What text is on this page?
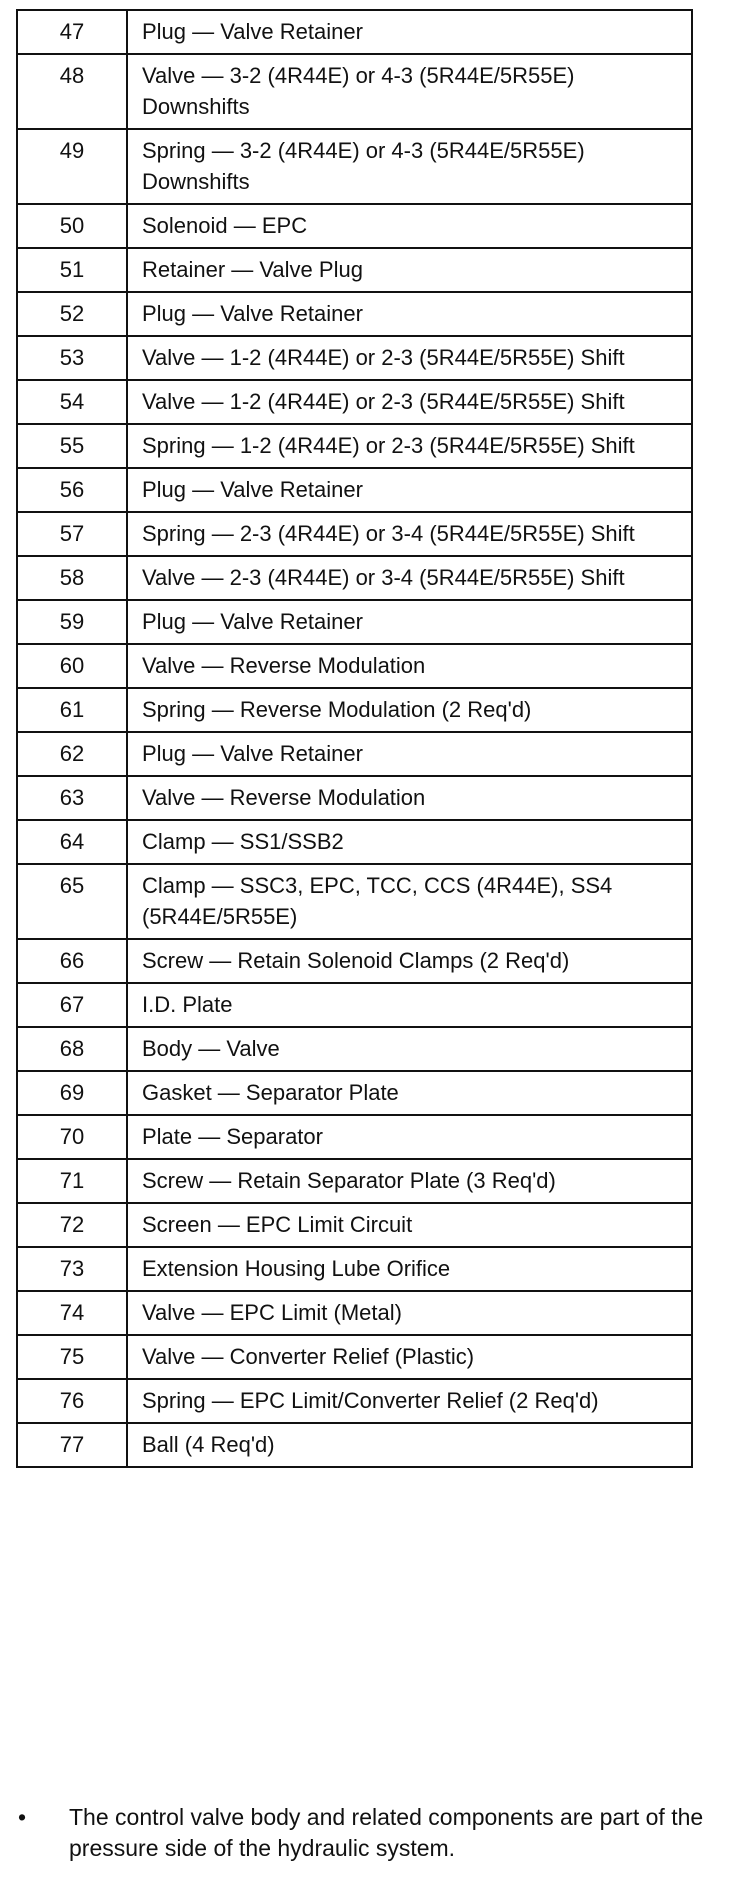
47	Plug — Valve Retainer
48	Valve — 3-2 (4R44E) or 4-3 (5R44E/5R55E) Downshifts
49	Spring — 3-2 (4R44E) or 4-3 (5R44E/5R55E) Downshifts
50	Solenoid — EPC
51	Retainer — Valve Plug
52	Plug — Valve Retainer
53	Valve — 1-2 (4R44E) or 2-3 (5R44E/5R55E) Shift
54	Valve — 1-2 (4R44E) or 2-3 (5R44E/5R55E) Shift
55	Spring — 1-2 (4R44E) or 2-3 (5R44E/5R55E) Shift
56	Plug — Valve Retainer
57	Spring — 2-3 (4R44E) or 3-4 (5R44E/5R55E) Shift
58	Valve — 2-3 (4R44E) or 3-4 (5R44E/5R55E) Shift
59	Plug — Valve Retainer
60	Valve — Reverse Modulation
61	Spring — Reverse Modulation (2 Req'd)
62	Plug — Valve Retainer
63	Valve — Reverse Modulation
64	Clamp — SS1/SSB2
65	Clamp — SSC3, EPC, TCC, CCS (4R44E), SS4 (5R44E/5R55E)
66	Screw — Retain Solenoid Clamps (2 Req'd)
67	I.D. Plate
68	Body — Valve
69	Gasket — Separator Plate
70	Plate — Separator
71	Screw — Retain Separator Plate (3 Req'd)
72	Screen — EPC Limit Circuit
73	Extension Housing Lube Orifice
74	Valve — EPC Limit (Metal)
75	Valve — Converter Relief (Plastic)
76	Spring — EPC Limit/Converter Relief (2 Req'd)
77	Ball (4 Req'd)
•	The control valve body and related components are part of the pressure side of the hydraulic system.
